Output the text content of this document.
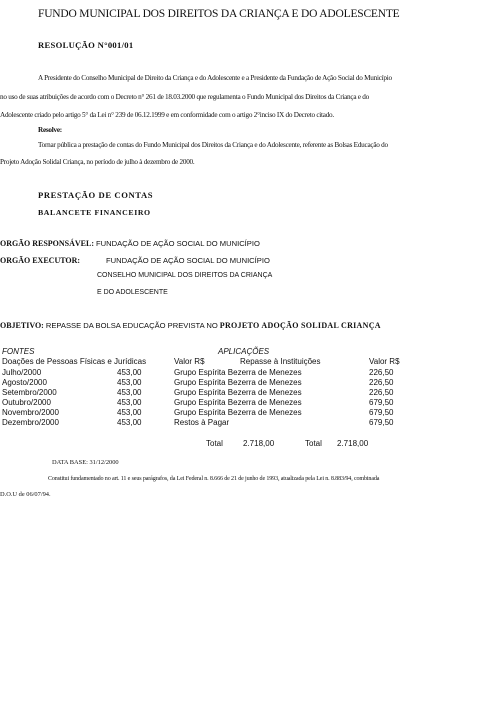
FUNDO MUNICIPAL DOS DIREITOS DA CRIANÇA E DO ADOLESCENTE
RESOLUÇÃO N°001/01
A Presidente do Conselho Municipal de Direito da Criança e do Adolescente e a Presidente da Fundação de Ação Social do Município
no uso de suas atribuições de acordo com o Decreto n° 261 de 18.03.2000 que regulamenta o Fundo Municipal dos Direitos da Criança e do
Adolescente criado pelo artigo 5° da Lei n° 239 de 06.12.1999 e em conformidade com o artigo 2°inciso IX do Decreto citado.
Resolve:
Tornar pública a prestação de contas do Fundo Municipal dos Direitos da Criança e do Adolescente, referente as Bolsas Educação do
Projeto Adoção Solidal Criança, no período de julho à dezembro de 2000.
PRESTAÇÃO DE CONTAS
BALANCETE FINANCEIRO
ORGÃO RESPONSÁVEL: FUNDAÇÃO DE AÇÃO SOCIAL DO MUNICÍPIO
ORGÃO EXECUTOR:	FUNDAÇÃO DE AÇÃO SOCIAL DO MUNICÍPIO
CONSELHO MUNICIPAL DOS DIREITOS DA CRIANÇA
E DO ADOLESCENTE
OBJETIVO: REPASSE DA BOLSA EDUCAÇÃO PREVISTA NO PROJETO ADOÇÃO SOLIDAL CRIANÇA
FONTES	APLICAÇÕES
Doações de Pessoas Físicas e Jurídicas	Valor R$	Repasse à Instituições	Valor R$
Julho/2000	453,00	Grupo Espírita Bezerra de Menezes	226,50
Agosto/2000	453,00	Grupo Espírita Bezerra de Menezes	226,50
Setembro/2000	453,00	Grupo Espírita Bezerra de Menezes	226,50
Outubro/2000	453,00	Grupo Espírita Bezerra de Menezes	679,50
Novembro/2000	453,00	Grupo Espírita Bezerra de Menezes	679,50
Dezembro/2000	453,00	Restos à Pagar	679,50
Total	2.718,00	Total 2.718,00
DATA BASE: 31/12/2000
Constitui fundamentado no art. 11 e seus parágrafos, da Lei Federal n. 8.666 de 21 de junho de 1993, atualizada pela Lei n. 8.883/94, combinada
D.O.U de 06/07/94.
